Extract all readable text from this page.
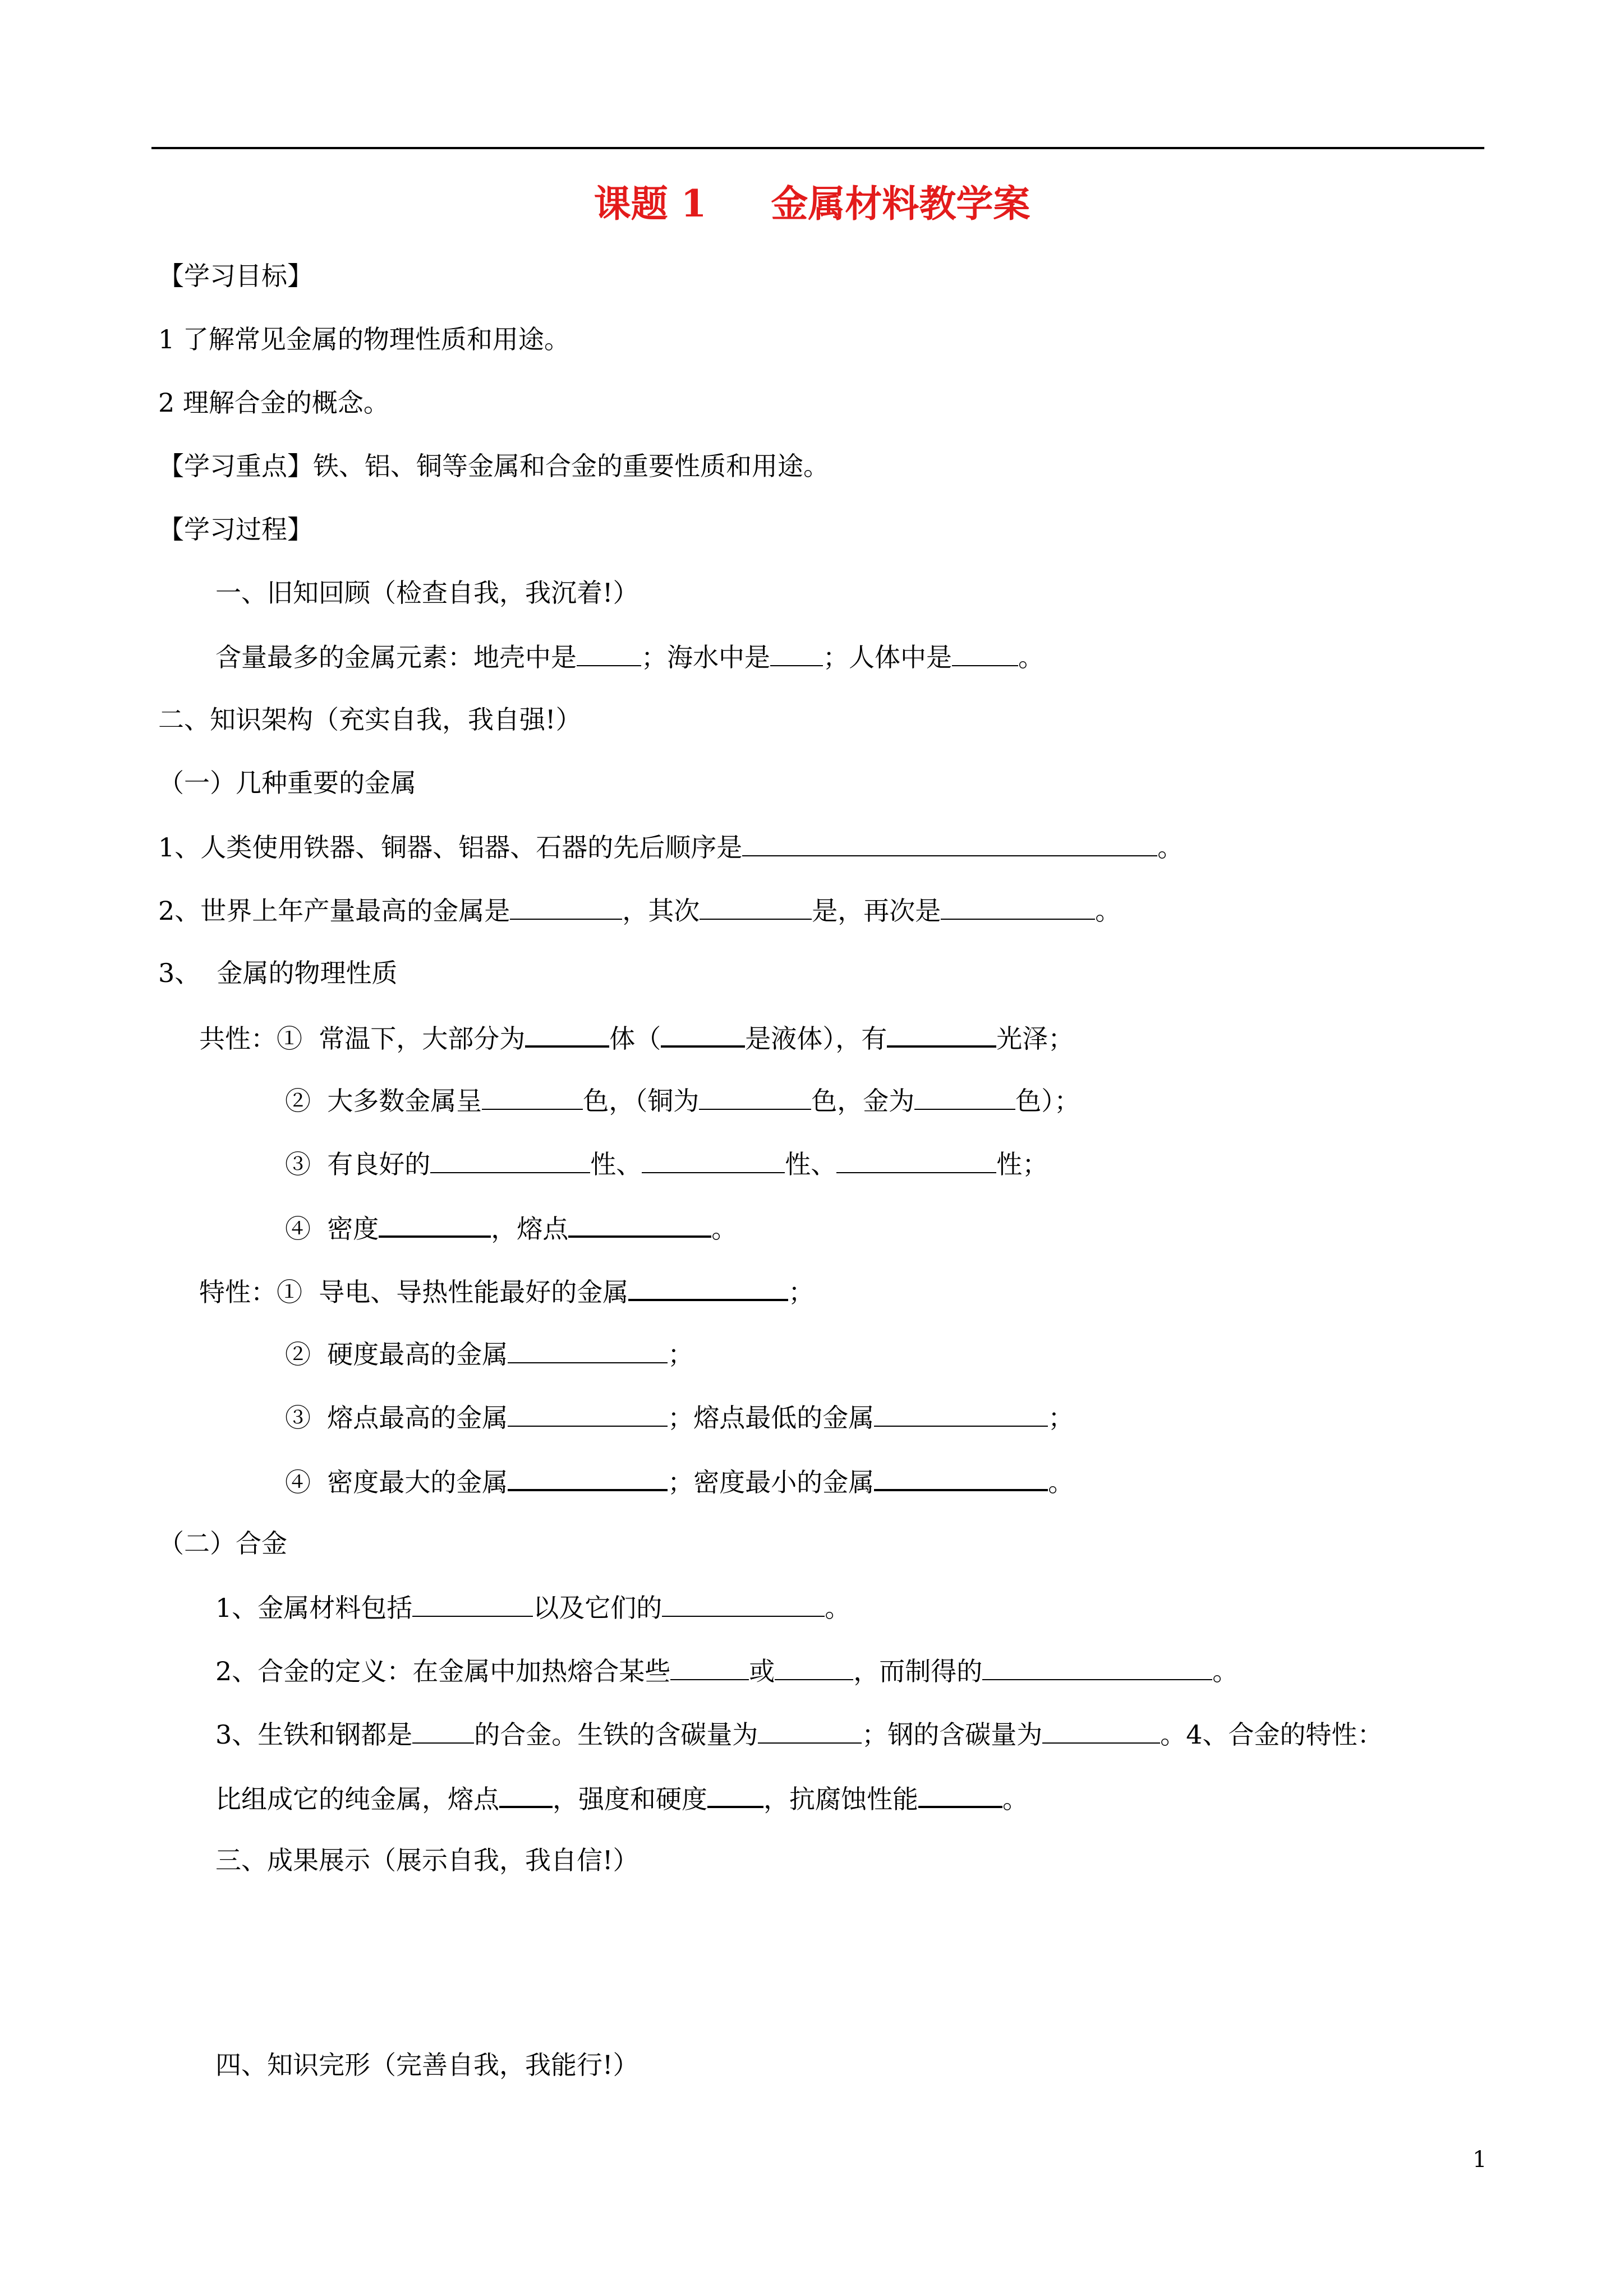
课题 1     金属材料教学案
【学习目标】
1 了解常见金属的物理性质和用途。
2 理解合金的概念。
【学习重点】铁、铝、铜等金属和合金的重要性质和用途。
【学习过程】
一、旧知回顾（检查自我，我沉着!）
含量最多的金属元素：地壳中是	；海水中是 ；人体中是	。
二、知识架构（充实自我，我自强!）
（一）几种重要的金属
1、人类使用铁器、铜器、铝器、石器的先后顺序是	。
2、世界上年产量最高的金属是	，其次	是，再次是	。
3、  金属的物理性质
共性：①  常温下，大部分为	体（	是液体），有	光泽；
②  大多数金属呈	色，（铜为	色，金为	色）；
③  有良好的	性、	性、	性；
④  密度	，熔点	。
特性：①  导电、导热性能最好的金属	；
②  硬度最高的金属	；
③  熔点最高的金属	；熔点最低的金属	；
④  密度最大的金属	；密度最小的金属	。
（二）合金
1、金属材料包括	以及它们的	。
2、合金的定义：在金属中加热熔合某些	或	，而制得的	。
3、生铁和钢都是 的合金。生铁的含碳量为	；钢的含碳量为	。4、合金的特性：
比组成它的纯金属，熔点 ，强度和硬度 ，抗腐蚀性能	。
三、成果展示（展示自我，我自信!）
四、知识完形（完善自我，我能行!）
1
